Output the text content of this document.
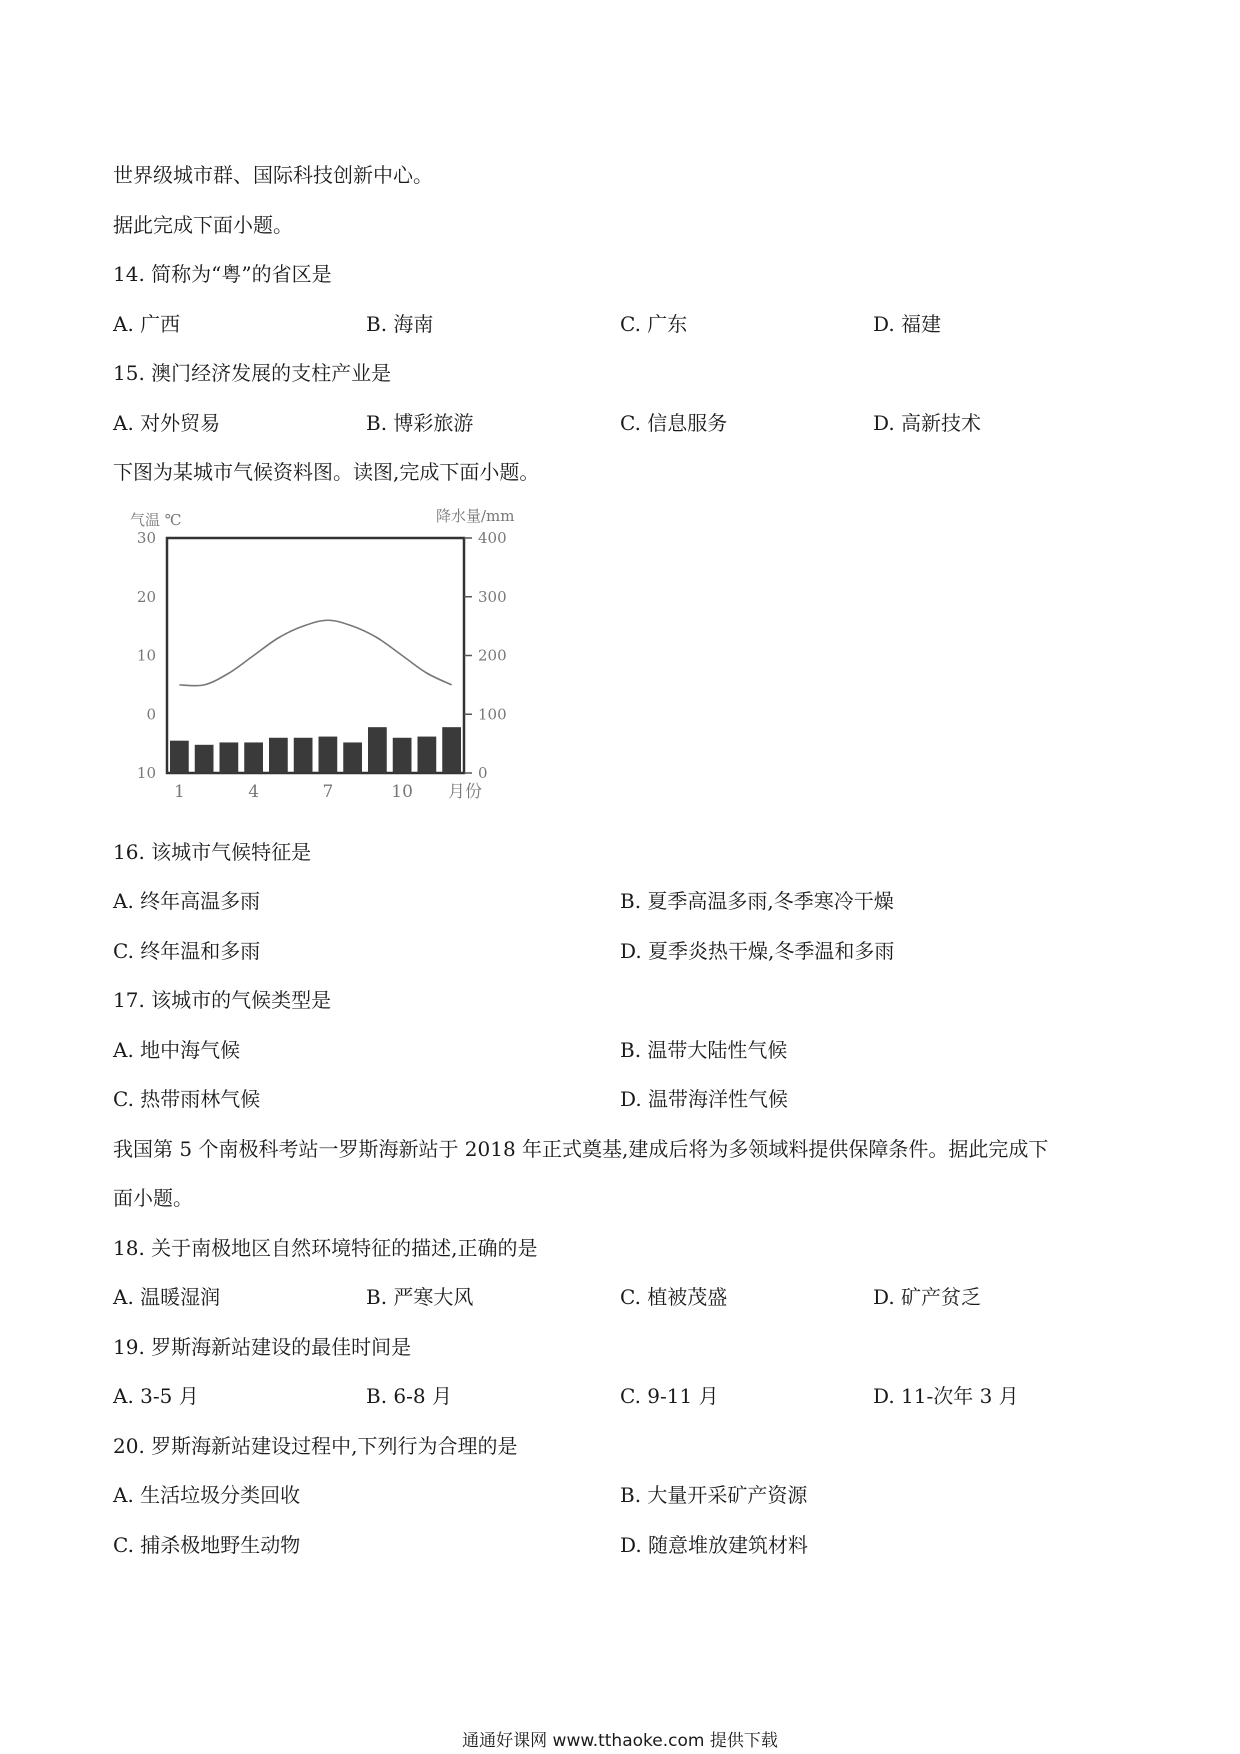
世界级城市群、国际科技创新中心。
据此完成下面小题。
14. 简称为“粤”的省区是
A. 广西	B. 海南	C. 广东	D. 福建
15. 澳门经济发展的支柱产业是
A. 对外贸易	B. 博彩旅游	C. 信息服务	D. 高新技术
下图为某城市气候资料图。读图,完成下面小题。
气温 ℃	降水量/mm
30
20
10
0
10
400
300
200
100
0
1	4	7	10 月份
16. 该城市气候特征是
A. 终年高温多雨	B. 夏季高温多雨,冬季寒冷干燥
C. 终年温和多雨	D. 夏季炎热干燥,冬季温和多雨
17. 该城市的气候类型是
A. 地中海气候	B. 温带大陆性气候
C. 热带雨林气候	D. 温带海洋性气候
我国第 5 个南极科考站一罗斯海新站于 2018 年正式奠基,建成后将为多领域料提供保障条件。据此完成下
面小题。
18. 关于南极地区自然环境特征的描述,正确的是
A. 温暖湿润	B. 严寒大风	C. 植被茂盛	D. 矿产贫乏
19. 罗斯海新站建设的最佳时间是
A. 3-5 月	B. 6-8 月	C. 9-11 月	D. 11-次年 3 月
20. 罗斯海新站建设过程中,下列行为合理的是
A. 生活垃圾分类回收	B. 大量开采矿产资源
C. 捕杀极地野生动物	D. 随意堆放建筑材料
通通好课网 www.tthaoke.com 提供下载
